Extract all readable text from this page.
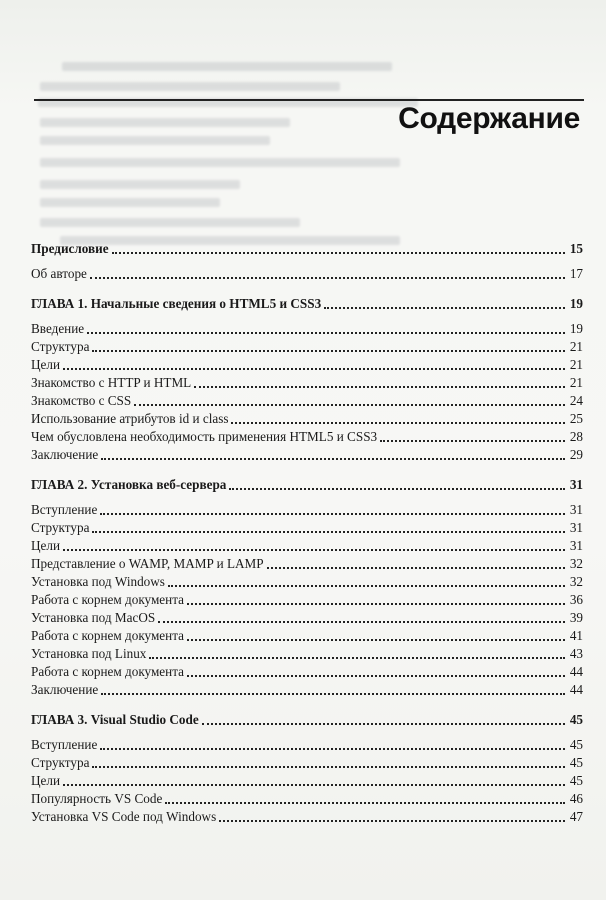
Содержание
Предисловие	15
Об авторе	17
ГЛАВА 1. Начальные сведения о HTML5 и CSS3	19
Введение	19
Структура	21
Цели	21
Знакомство с HTTP и HTML	21
Знакомство с CSS	24
Использование атрибутов id и class	25
Чем обусловлена необходимость применения HTML5 и CSS3	28
Заключение	29
ГЛАВА 2. Установка веб-сервера	31
Вступление	31
Структура	31
Цели	31
Представление о WAMP, MAMP и LAMP	32
Установка под Windows	32
Работа с корнем документа	36
Установка под MacOS	39
Работа с корнем документа	41
Установка под Linux	43
Работа с корнем документа	44
Заключение	44
ГЛАВА 3. Visual Studio Code	45
Вступление	45
Структура	45
Цели	45
Популярность VS Code	46
Установка VS Code под Windows	47
